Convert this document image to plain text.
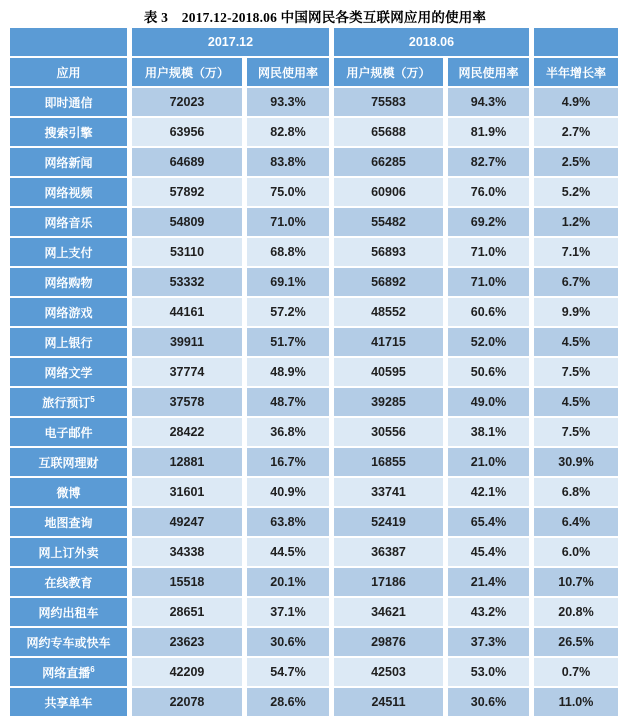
表 3　2017.12-2018.06 中国网民各类互联网应用的使用率
	2017.12		2018.06		
应用	用户规模（万）	网民使用率	用户规模（万）	网民使用率	半年增长率
即时通信	72023	93.3%	75583	94.3%	4.9%
搜索引擎	63956	82.8%	65688	81.9%	2.7%
网络新闻	64689	83.8%	66285	82.7%	2.5%
网络视频	57892	75.0%	60906	76.0%	5.2%
网络音乐	54809	71.0%	55482	69.2%	1.2%
网上支付	53110	68.8%	56893	71.0%	7.1%
网络购物	53332	69.1%	56892	71.0%	6.7%
网络游戏	44161	57.2%	48552	60.6%	9.9%
网上银行	39911	51.7%	41715	52.0%	4.5%
网络文学	37774	48.9%	40595	50.6%	7.5%
旅行预订$^5$	37578	48.7%	39285	49.0%	4.5%
电子邮件	28422	36.8%	30556	38.1%	7.5%
互联网理财	12881	16.7%	16855	21.0%	30.9%
微博	31601	40.9%	33741	42.1%	6.8%
地图查询	49247	63.8%	52419	65.4%	6.4%
网上订外卖	34338	44.5%	36387	45.4%	6.0%
在线教育	15518	20.1%	17186	21.4%	10.7%
网约出租车	28651	37.1%	34621	43.2%	20.8%
网约专车或快车	23623	30.6%	29876	37.3%	26.5%
网络直播$^6$	42209	54.7%	42503	53.0%	0.7%
共享单车	22078	28.6%	24511	30.6%	11.0%
